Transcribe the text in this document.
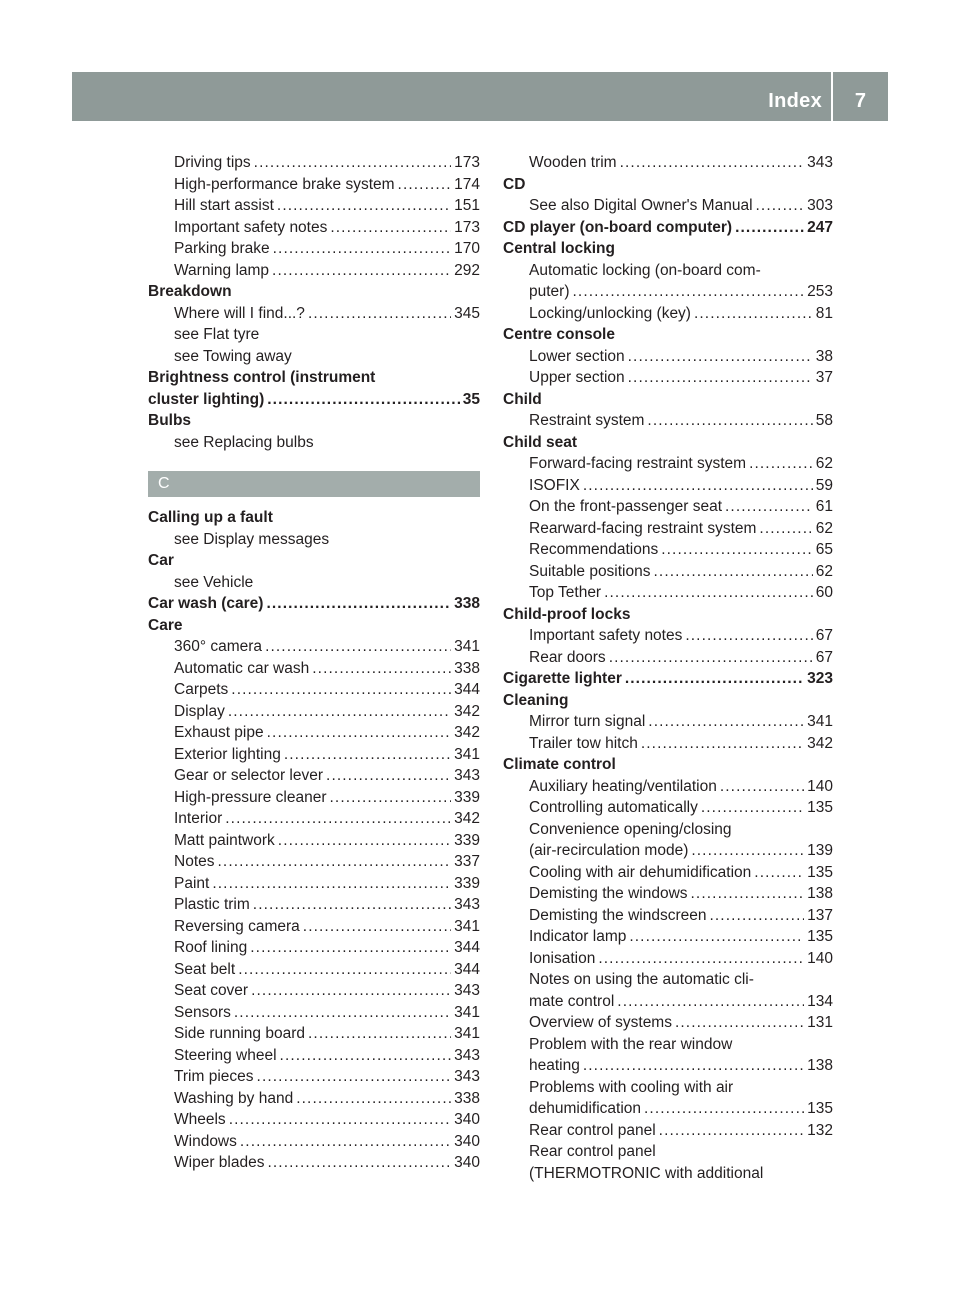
Index 7
Driving tips . . .	173
High-performance brake system . . .	174
Hill start assist . . .	151
Important safety notes . . .	173
Parking brake . . .	170
Warning lamp . . .	292
Breakdown
Where will I find...? . . .	345
see Flat tyre
see Towing away
Brightness control (instrument
cluster lighting) . . .	35
Bulbs
see Replacing bulbs
C
Calling up a fault
see Display messages
Car
see Vehicle
Car wash (care) . . .	338
Care
360° camera . . .	341
Automatic car wash . . .	338
Carpets . . .	344
Display . . .	342
Exhaust pipe . . .	342
Exterior lighting . . .	341
Gear or selector lever . . .	343
High-pressure cleaner . . .	339
Interior . . .	342
Matt paintwork . . .	339
Notes . . .	337
Paint . . .	339
Plastic trim . . .	343
Reversing camera . . .	341
Roof lining . . .	344
Seat belt . . .	344
Seat cover . . .	343
Sensors . . .	341
Side running board . . .	341
Steering wheel . . .	343
Trim pieces . . .	343
Washing by hand . . .	338
Wheels . . .	340
Windows . . .	340
Wiper blades . . .	340
Wooden trim . . .	343
CD
See also Digital Owner's Manual . . .	303
CD player (on-board computer) . . .	247
Central locking
Automatic locking (on-board com-
puter) . . .	253
Locking/unlocking (key) . . .	81
Centre console
Lower section . . .	38
Upper section . . .	37
Child
Restraint system . . .	58
Child seat
Forward-facing restraint system . . .	62
ISOFIX . . .	59
On the front-passenger seat . . .	61
Rearward-facing restraint system . . .	62
Recommendations . . .	65
Suitable positions . . .	62
Top Tether . . .	60
Child-proof locks
Important safety notes . . .	67
Rear doors . . .	67
Cigarette lighter . . .	323
Cleaning
Mirror turn signal . . .	341
Trailer tow hitch . . .	342
Climate control
Auxiliary heating/ventilation . . .	140
Controlling automatically . . .	135
Convenience opening/closing
(air-recirculation mode) . . .	139
Cooling with air dehumidification . . .	135
Demisting the windows . . .	138
Demisting the windscreen . . .	137
Indicator lamp . . .	135
Ionisation . . .	140
Notes on using the automatic cli-
mate control . . .	134
Overview of systems . . .	131
Problem with the rear window
heating . . .	138
Problems with cooling with air
dehumidification . . .	135
Rear control panel . . .	132
Rear control panel
(THERMOTRONIC with additional
